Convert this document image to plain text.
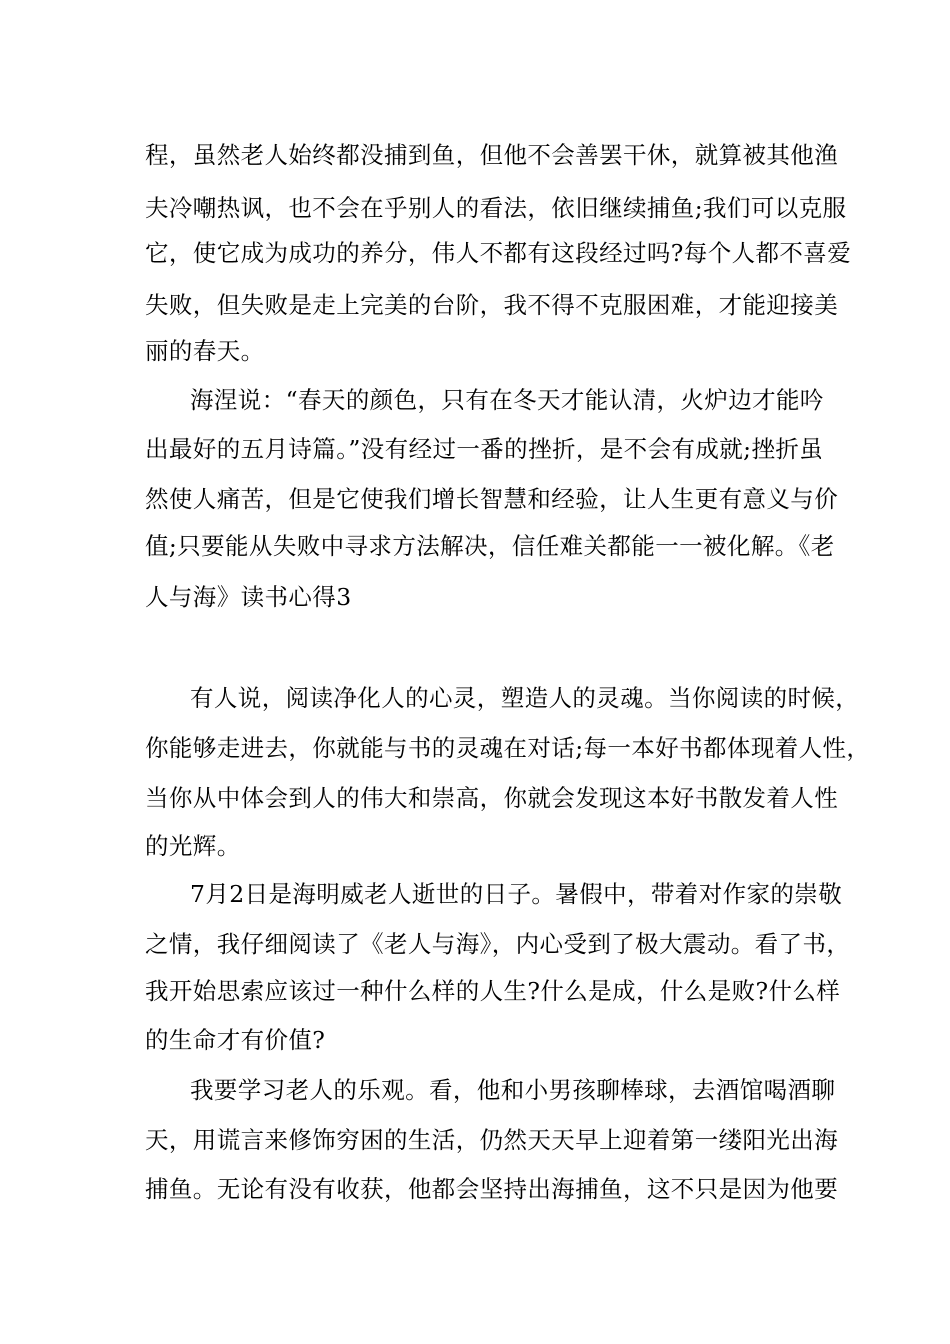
程，虽然老人始终都没捕到鱼，但他不会善罢干休，就算被其他渔
夫冷嘲热讽，也不会在乎别人的看法，依旧继续捕鱼;我们可以克服
它，使它成为成功的养分，伟人不都有这段经过吗?每个人都不喜爱
失败，但失败是走上完美的台阶，我不得不克服困难，才能迎接美
丽的春天。
海涅说：“春天的颜色，只有在冬天才能认清，火炉边才能吟
出最好的五月诗篇。”没有经过一番的挫折，是不会有成就;挫折虽
然使人痛苦，但是它使我们增长智慧和经验，让人生更有意义与价
值;只要能从失败中寻求方法解决，信任难关都能一一被化解。《老
人与海》读书心得3
有人说，阅读净化人的心灵，塑造人的灵魂。当你阅读的时候，
你能够走进去，你就能与书的灵魂在对话;每一本好书都体现着人性，
当你从中体会到人的伟大和崇高，你就会发现这本好书散发着人性
的光辉。
7月2日是海明威老人逝世的日子。暑假中，带着对作家的崇敬
之情，我仔细阅读了《老人与海》，内心受到了极大震动。看了书，
我开始思索应该过一种什么样的人生?什么是成，什么是败?什么样
的生命才有价值?
我要学习老人的乐观。看，他和小男孩聊棒球，去酒馆喝酒聊
天，用谎言来修饰穷困的生活，仍然天天早上迎着第一缕阳光出海
捕鱼。无论有没有收获，他都会坚持出海捕鱼，这不只是因为他要
